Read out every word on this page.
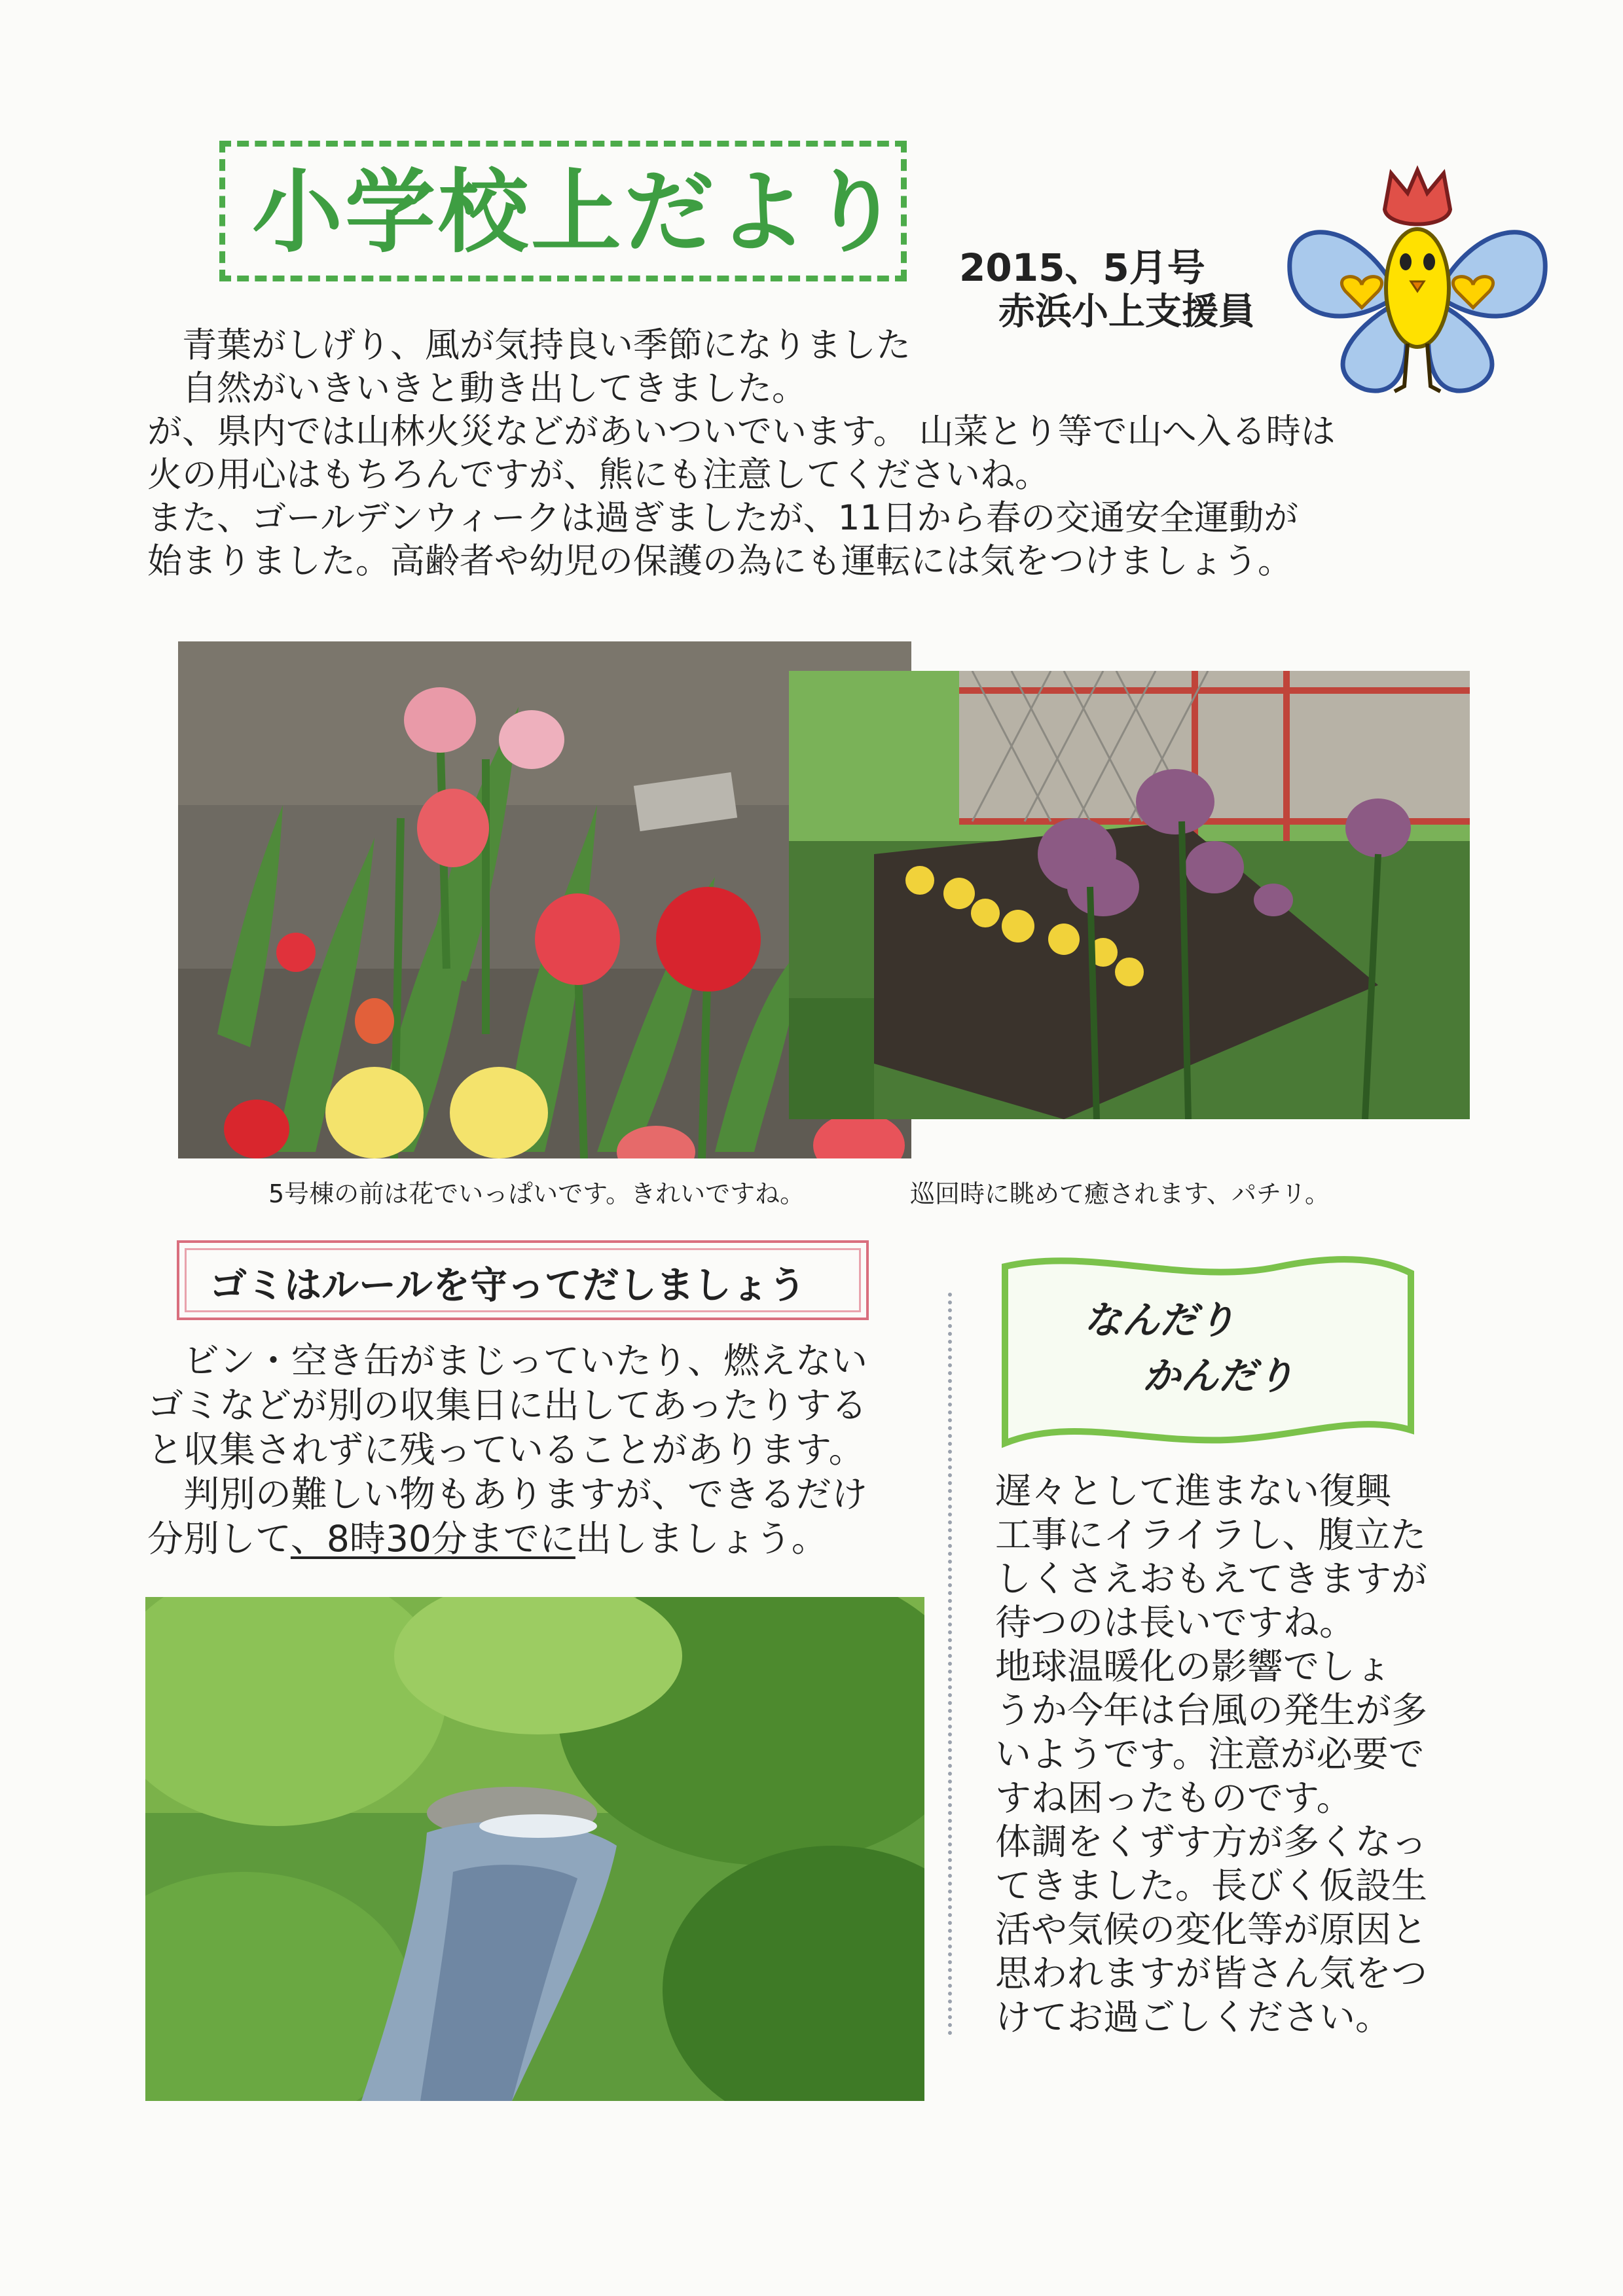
小学校上だより
2015、5月号
赤浜小上支援員
　青葉がしげり、風が気持良い季節になりました
　自然がいきいきと動き出してきました。
が、県内では山林火災などがあいついでいます。 山菜とり等で山へ入る時は
火の用心はもちろんですが、熊にも注意してくださいね。
また、ゴールデンウィークは過ぎましたが、11日から春の交通安全運動が
始まりました。高齢者や幼児の保護の為にも運転には気をつけましょう。
5号棟の前は花でいっぱいです。きれいですね。	巡回時に眺めて癒されます、パチリ。
ゴミはルールを守ってだしましょう
　ビン・空き缶がまじっていたり、燃えない
ゴミなどが別の収集日に出してあったりする
と収集されずに残っていることがあります。
　判別の難しい物もありますが、できるだけ
分別して、8時30分までに出しましょう。
なんだり
かんだり
遅々として進まない復興
工事にイライラし、腹立た
しくさえおもえてきますが
待つのは長いですね。
地球温暖化の影響でしょ
うか今年は台風の発生が多
いようです。注意が必要で
すね困ったものです。
体調をくずす方が多くなっ
てきました。長びく仮設生
活や気候の変化等が原因と
思われますが皆さん気をつ
けてお過ごしください。
